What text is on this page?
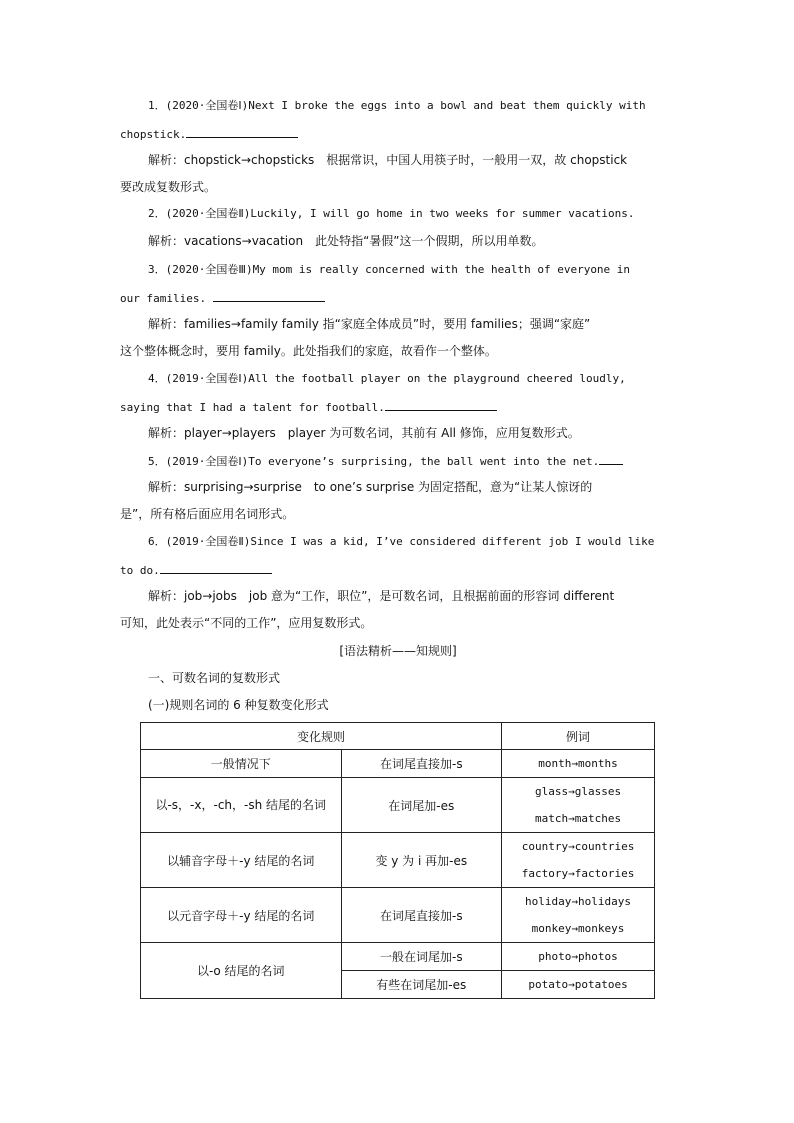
1．(2020·全国卷Ⅰ)Next I broke the eggs into a bowl and beat them quickly with
chopstick.
解析：chopstick→chopsticks　根据常识，中国人用筷子时，一般用一双，故 chopstick
要改成复数形式。
2．(2020·全国卷Ⅱ)Luckily, I will go home in two weeks for summer vacations.
解析：vacations→vacation　此处特指“暑假”这一个假期，所以用单数。
3．(2020·全国卷Ⅲ)My mom is really concerned with the health of everyone in
our families.
解析：families→family family 指“家庭全体成员”时，要用 families；强调“家庭”
这个整体概念时，要用 family。此处指我们的家庭，故看作一个整体。
4．(2019·全国卷Ⅰ)All the football player on the playground cheered loudly,
saying that I had a talent for football.
解析：player→players　player 为可数名词，其前有 All 修饰，应用复数形式。
5．(2019·全国卷Ⅰ)To everyone’s surprising, the ball went into the net.
解析：surprising→surprise　to one’s surprise 为固定搭配，意为“让某人惊讶的
是”，所有格后面应用名词形式。
6．(2019·全国卷Ⅱ)Since I was a kid, I’ve considered different job I would like
to do.
解析：job→jobs　job 意为“工作，职位”，是可数名词，且根据前面的形容词 different
可知，此处表示“不同的工作”，应用复数形式。
[语法精析——知规则]
一、可数名词的复数形式
(一)规则名词的 6 种复数变化形式
变化规则		例词
一般情况下	在词尾直接加-s	month→months

以-s，-x，-ch，-sh 结尾的名词	在词尾加-es	glass→glasses
match→matches

以辅音字母＋-y 结尾的名词	变 y 为 i 再加-es	country→countries
factory→factories

以元音字母＋-y 结尾的名词	在词尾直接加-s	holiday→holidays
monkey→monkeys

以-o 结尾的名词	一般在词尾加-s	photo→photos

	有些在词尾加-es	potato→potatoes
